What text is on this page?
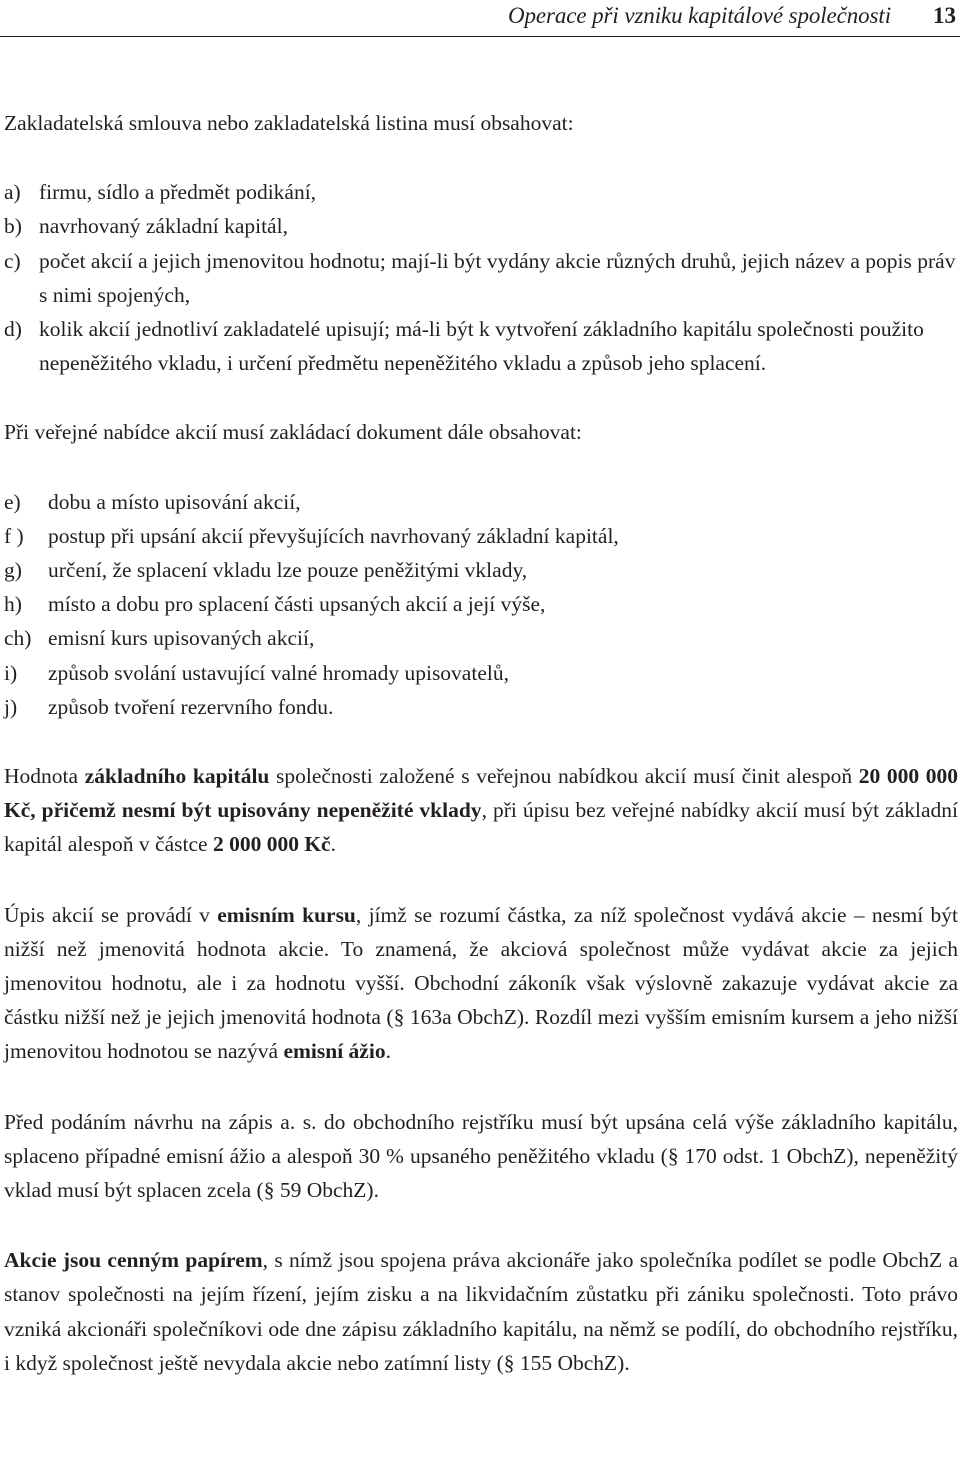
Operace při vzniku kapitálové společnosti 13

Zakladatelská smlouva nebo zakladatelská listina musí obsahovat:

a) firmu, sídlo a předmět podikání,
b) navrhovaný základní kapitál,
c) počet akcií a jejich jmenovitou hodnotu; mají-li být vydány akcie různých druhů, jejich název a popis práv s nimi spojených,
d) kolik akcií jednotliví zakladatelé upisují; má-li být k vytvoření základního kapitálu společnosti použito nepeněžitého vkladu, i určení předmětu nepeněžitého vkladu a způsob jeho splacení.

Při veřejné nabídce akcií musí zakládací dokument dále obsahovat:

e)	dobu a místo upisování akcií,
f )	postup při upsání akcií převyšujících navrhovaný základní kapitál,
g)	určení, že splacení vkladu lze pouze peněžitými vklady,
h)	místo a dobu pro splacení části upsaných akcií a její výše,
ch) emisní kurs upisovaných akcií,
i)	způsob svolání ustavující valné hromady upisovatelů,
j)	způsob tvoření rezervního fondu.

Hodnota základního kapitálu společnosti založené s veřejnou nabídkou akcií musí činit alespoň 20 000 000 Kč, přičemž nesmí být upisovány nepeněžité vklady, při úpisu bez veřejné nabídky akcií musí být základní kapitál alespoň v částce 2 000 000 Kč.

Úpis akcií se provádí v emisním kursu, jímž se rozumí částka, za níž společnost vydává akcie – nesmí být nižší než jmenovitá hodnota akcie. To znamená, že akciová společnost může vydávat akcie za jejich jmenovitou hodnotu, ale i za hodnotu vyšší. Obchodní zákoník však výslovně zakazuje vydávat akcie za částku nižší než je jejich jmenovitá hodnota (§ 163a ObchZ). Rozdíl mezi vyšším emisním kursem a jeho nižší jmenovitou hodnotou se nazývá emisní ážio.

Před podáním návrhu na zápis a. s. do obchodního rejstříku musí být upsána celá výše základního kapitálu, splaceno případné emisní ážio a alespoň 30 % upsaného peněžitého vkladu (§ 170 odst. 1 ObchZ), nepeněžitý vklad musí být splacen zcela (§ 59 ObchZ).

Akcie jsou cenným papírem, s nímž jsou spojena práva akcionáře jako společníka podílet se podle ObchZ a stanov společnosti na jejím řízení, jejím zisku a na likvidačním zůstatku při zániku společnosti. Toto právo vzniká akcionáři společníkovi ode dne zápisu základního kapitálu, na němž se podílí, do obchodního rejstříku, i když společnost ještě nevydala akcie nebo zatímní listy (§ 155 ObchZ).
